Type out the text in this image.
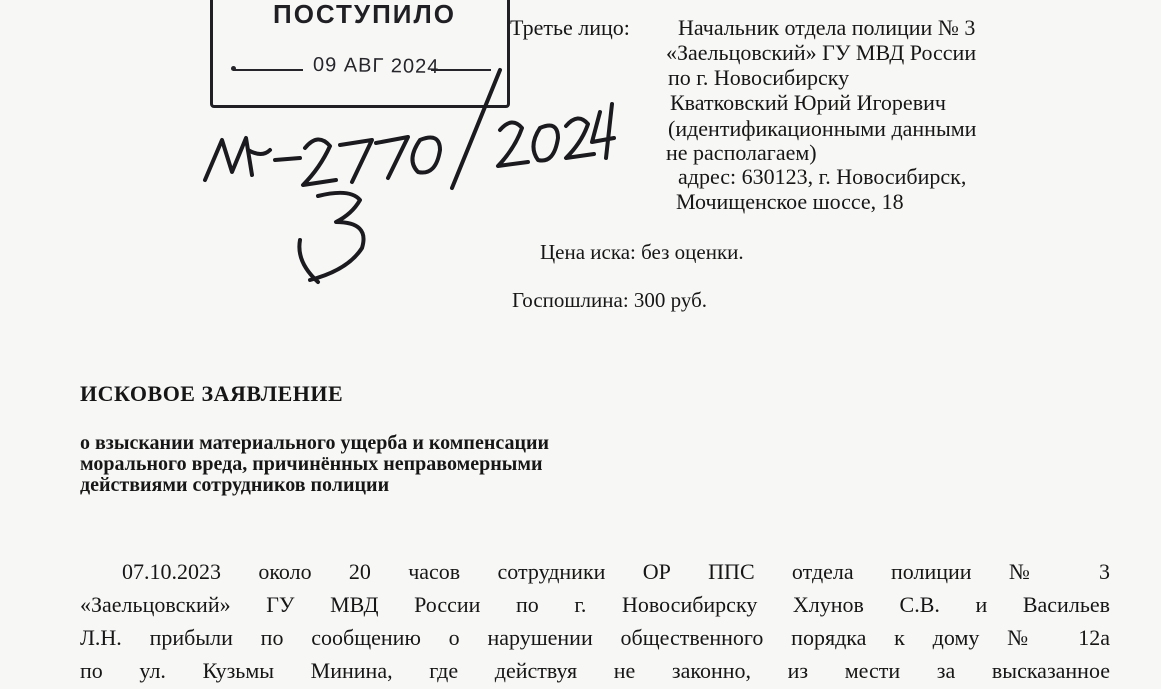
ПОСТУПИЛО
09 АВГ 2024
Третье лицо: Начальник отдела полиции № 3
«Заельцовский» ГУ МВД России
по г. Новосибирску
Кватковский Юрий Игоревич
(идентификационными данными
не располагаем)
адрес: 630123, г. Новосибирск,
Мочищенское шоссе, 18
Цена иска: без оценки.
Госпошлина: 300 руб.
ИСКОВОЕ ЗАЯВЛЕНИЕ
о взыскании материального ущерба и компенсации
морального вреда, причинённых неправомерными
действиями сотрудников полиции
07.10.2023 около 20 часов сотрудники ОР ППС отдела полиции № 3
«Заельцовский» ГУ МВД России по г. Новосибирску Хлунов С.В. и Васильев
Л.Н. прибыли по сообщению о нарушении общественного порядка к дому № 12а
по ул. Кузьмы Минина, где действуя не законно, из мести за высказанное
